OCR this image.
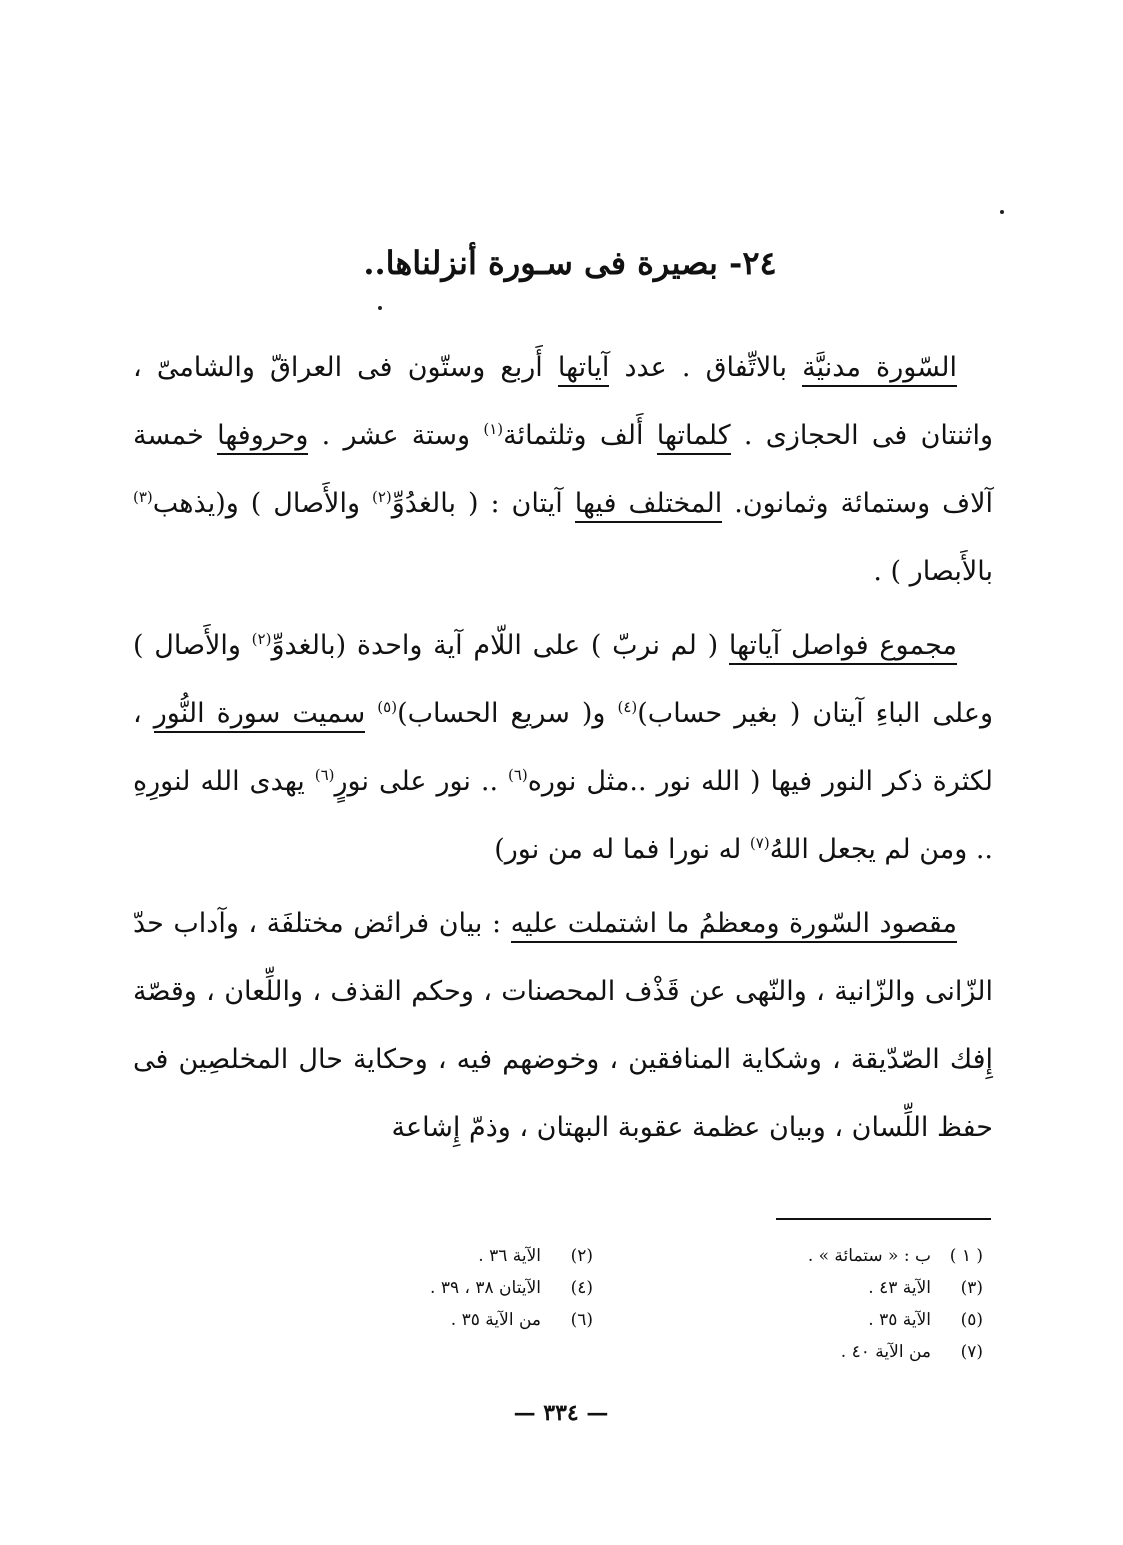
٢٤- بصيرة فى سـورة أنزلناها..

السّورة مدنيَّة بالاتِّفاق . عدد آياتها أَربع وستّون فى العراقّ والشامىّ ، واثنتان فى الحجازى . كلماتها أَلف وثلثمائة$^{(١)}$ وستة عشر . وحروفها خمسة آلاف وستمائة وثمانون. المختلف فيها آيتان : ( بالغدُوِّ$^{(٢)}$ والأَصال ) و(يذهب$^{(٣)}$ بالأَبصار ) .

مجموع فواصل آياتها ( لم نربّ ) على اللّام آية واحدة (بالغدوِّ$^{(٢)}$ والأَصال ) وعلى الباءِ آيتان ( بغير حساب)$^{(٤)}$ و( سريع الحساب)$^{(٥)}$ سميت سورة النُّور ، لكثرة ذكر النور فيها ( الله نور ..مثل نوره$^{(٦)}$ .. نور على نورٍ$^{(٦)}$ يهدى الله لنورِهِ .. ومن لم يجعل اللهُ$^{(٧)}$ له نورا فما له من نور)

مقصود السّورة ومعظمُ ما اشتملت عليه : بيان فرائض مختلفَة ، وآداب حدّ الزّانى والزّانية ، والنّهى عن قَذْف المحصنات ، وحكم القذف ، واللِّعان ، وقصّة إِفك الصّدّيقة ، وشكاية المنافقين ، وخوضهم فيه ، وحكاية حال المخلصِين فى حفظ اللِّسان ، وبيان عظمة عقوبة البهتان ، وذمّ إِشاعة

( ١ )ب : « ستمائة » .
(٢)الآية ٣٦ .
(٣)الآية ٤٣ .
(٤)الآيتان ٣٨ ، ٣٩ .
(٥)الآية ٣٥ .
(٦)من الآية ٣٥ .
(٧)من الآية ٤٠ .
— ٣٣٤ —
